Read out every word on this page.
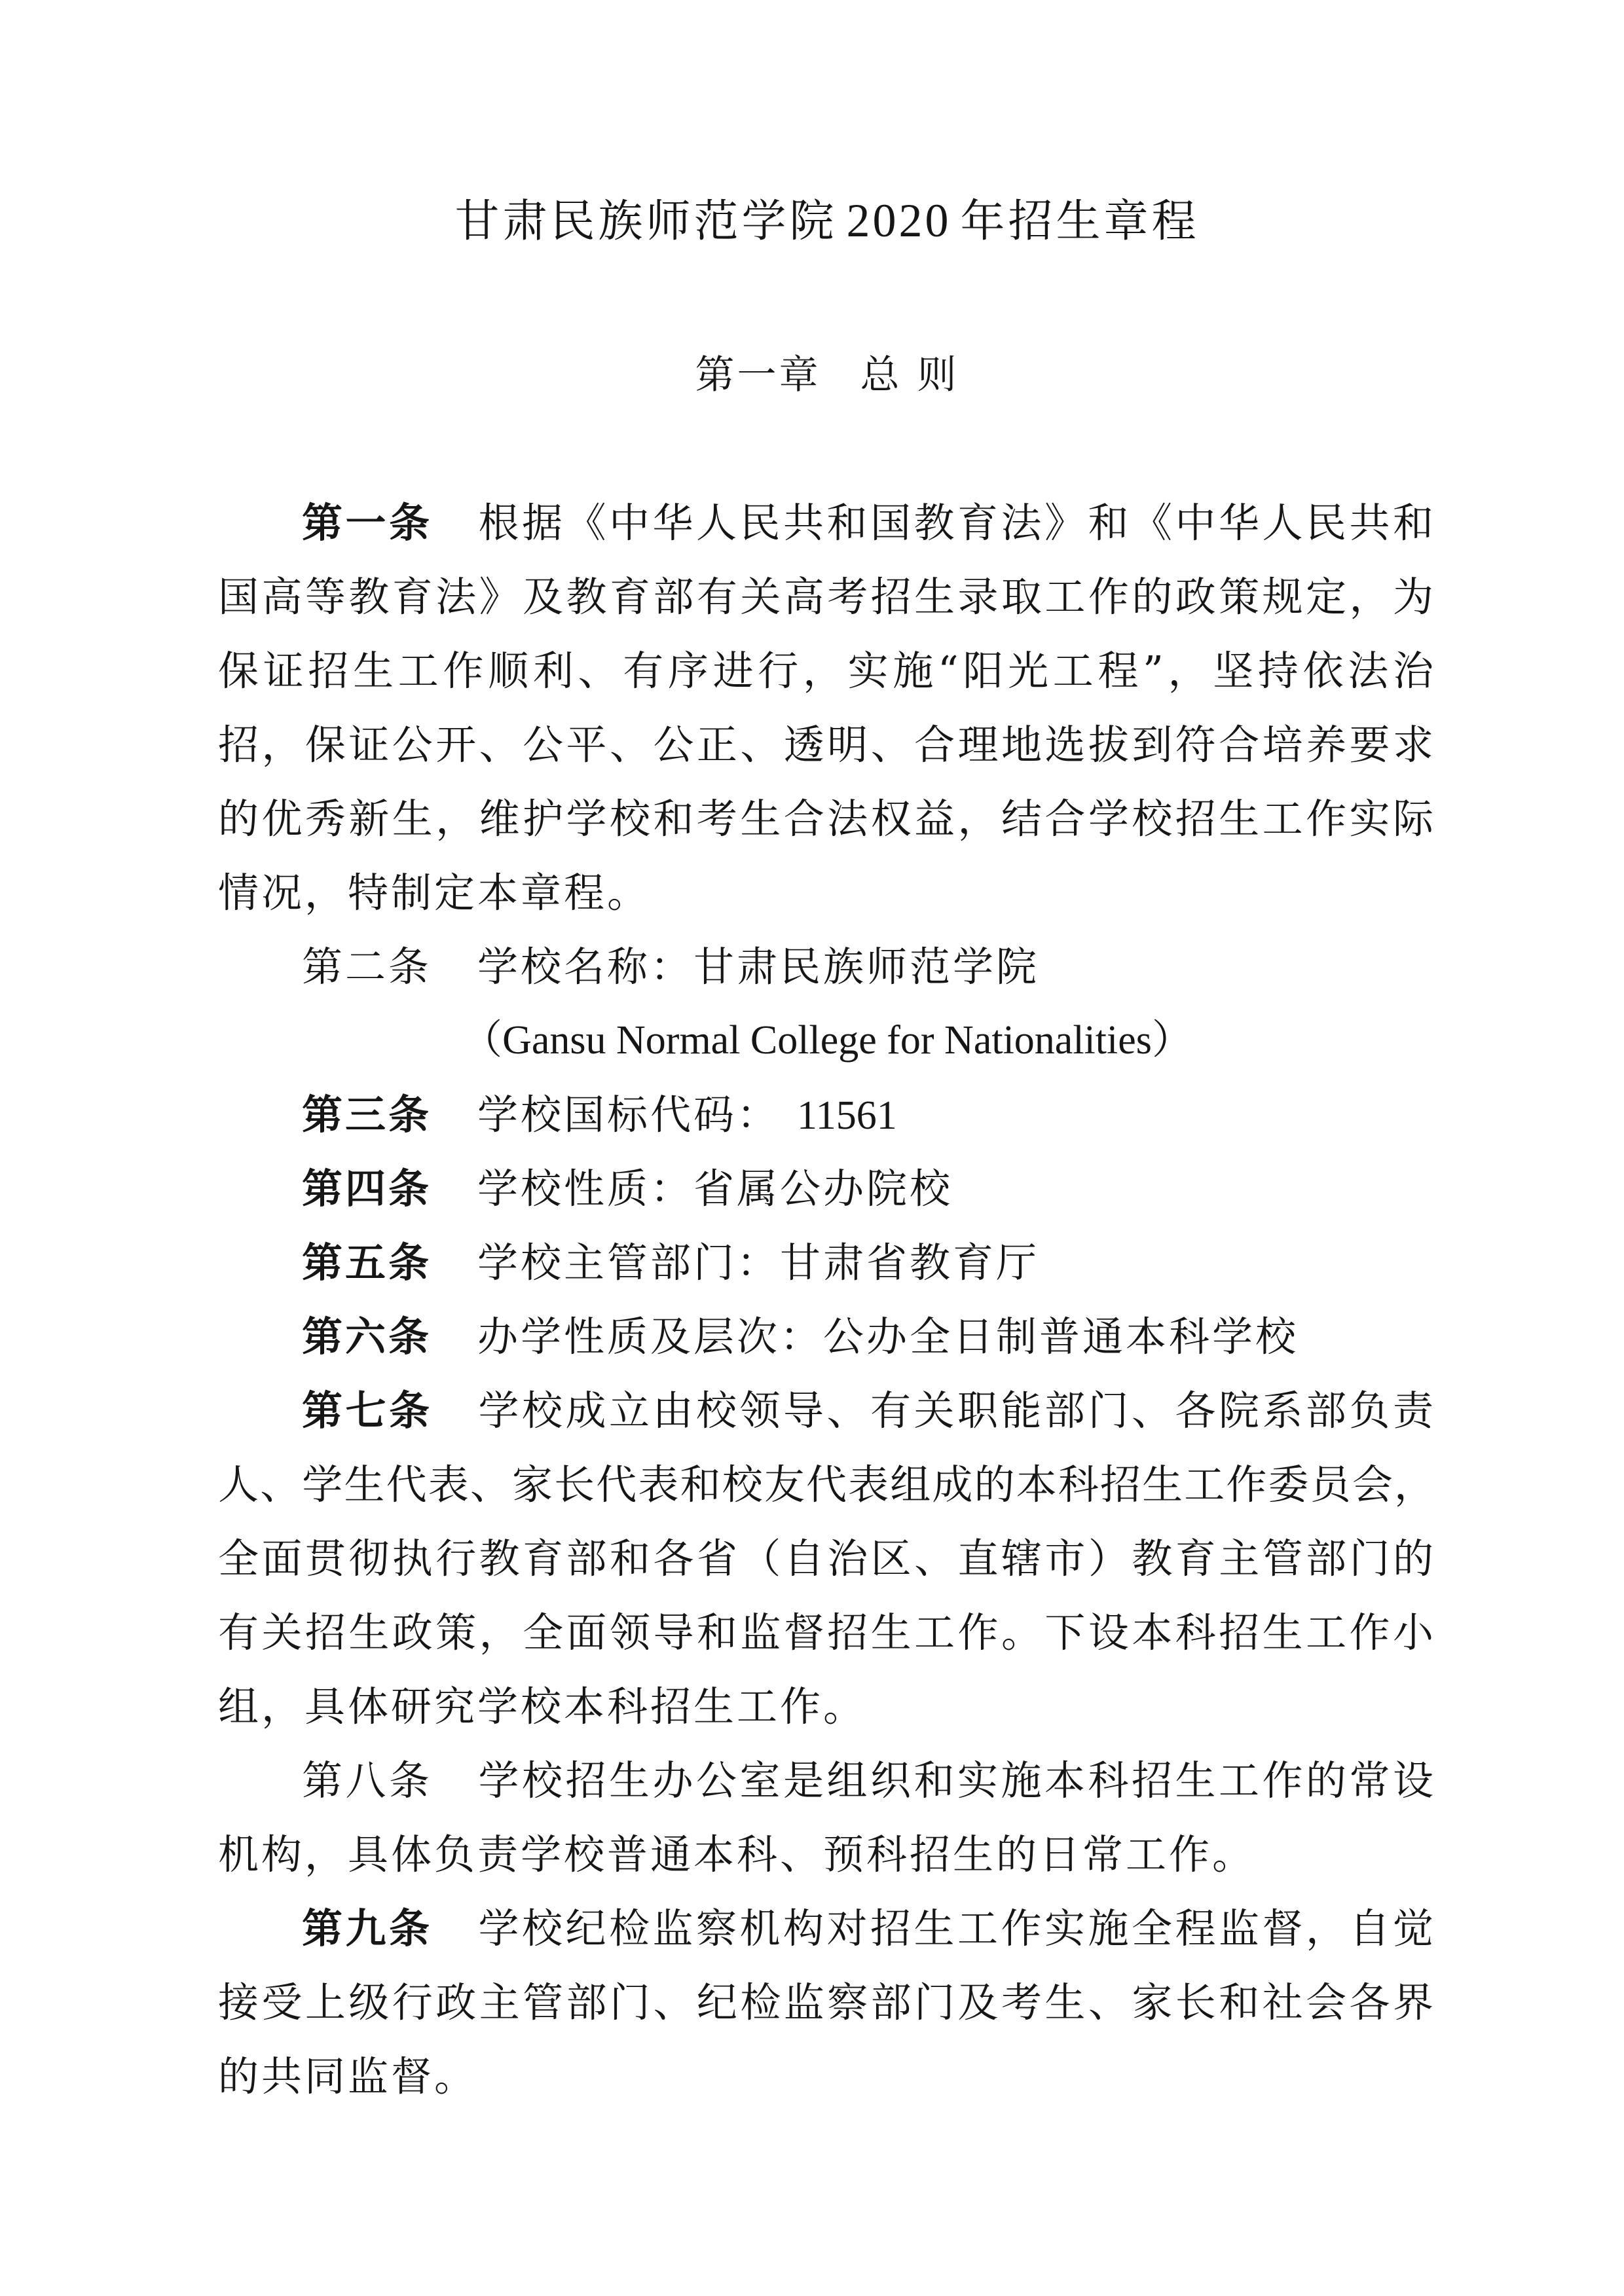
甘肃民族师范学院 2020 年招生章程
第一章 总 则
第一条 根据《中华人民共和国教育法》和《中华人民共和
国高等教育法》及教育部有关高考招生录取工作的政策规定，为
保证招生工作顺利、有序进行，实施“阳光工程”，坚持依法治
招，保证公开、公平、公正、透明、合理地选拔到符合培养要求
的优秀新生，维护学校和考生合法权益，结合学校招生工作实际
情况，特制定本章程。
第二条 学校名称：甘肃民族师范学院
（Gansu Normal College for Nationalities）
第三条 学校国标代码： 11561
第四条 学校性质：省属公办院校
第五条 学校主管部门：甘肃省教育厅
第六条 办学性质及层次：公办全日制普通本科学校
第七条 学校成立由校领导、有关职能部门、各院系部负责
人、学生代表、家长代表和校友代表组成的本科招生工作委员会，
全面贯彻执行教育部和各省（自治区、直辖市）教育主管部门的
有关招生政策，全面领导和监督招生工作。下设本科招生工作小
组，具体研究学校本科招生工作。
第八条 学校招生办公室是组织和实施本科招生工作的常设
机构，具体负责学校普通本科、预科招生的日常工作。
第九条 学校纪检监察机构对招生工作实施全程监督，自觉
接受上级行政主管部门、纪检监察部门及考生、家长和社会各界
的共同监督。
